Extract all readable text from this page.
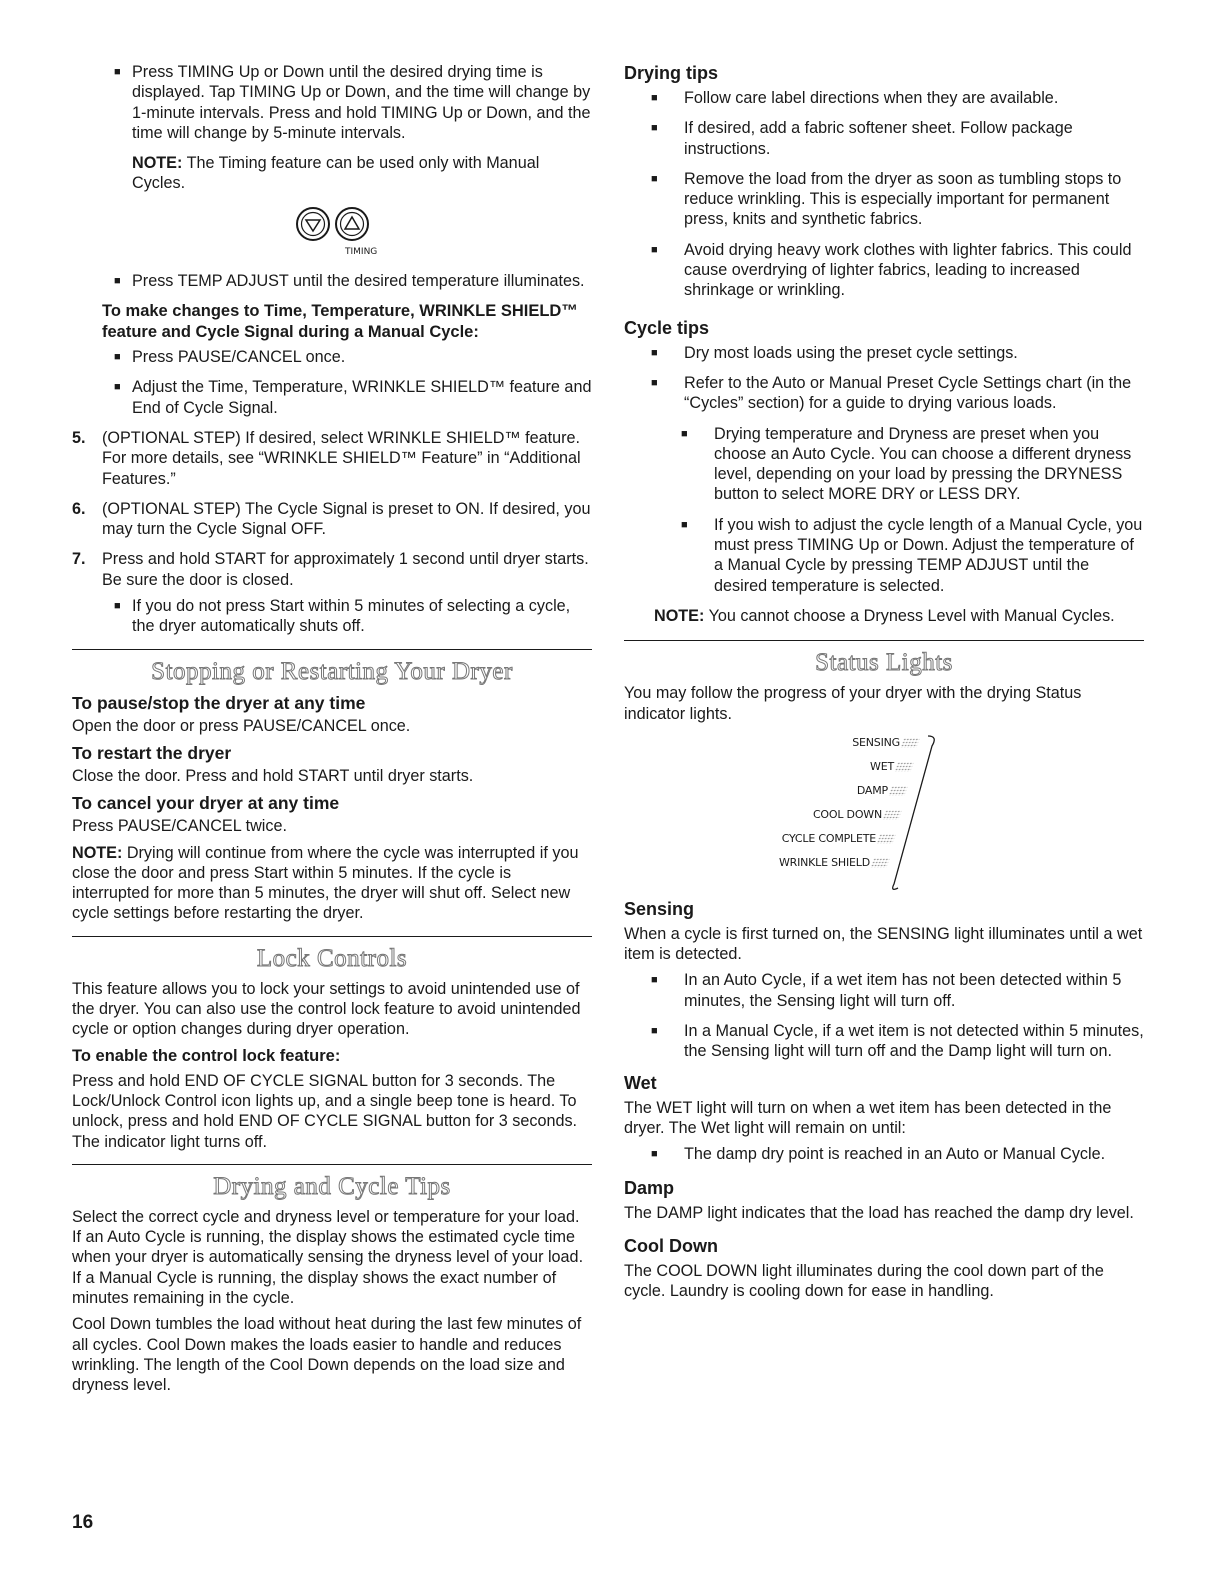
■ Press TIMING Up or Down until the desired drying time is displayed. Tap TIMING Up or Down, and the time will change by 1-minute intervals. Press and hold TIMING Up or Down, and the time will change by 5-minute intervals.

NOTE: The Timing feature can be used only with Manual Cycles.

TIMING
■ Press TEMP ADJUST until the desired temperature illuminates.
To make changes to Time, Temperature, WRINKLE SHIELD™ feature and Cycle Signal during a Manual Cycle:
■ Press PAUSE/CANCEL once.
■ Adjust the Time, Temperature, WRINKLE SHIELD™ feature and End of Cycle Signal.
5. (OPTIONAL STEP) If desired, select WRINKLE SHIELD™ feature. For more details, see “WRINKLE SHIELD™ Feature” in “Additional Features.”
6. (OPTIONAL STEP) The Cycle Signal is preset to ON. If desired, you may turn the Cycle Signal OFF.
7. Press and hold START for approximately 1 second until dryer starts. Be sure the door is closed.
■ If you do not press Start within 5 minutes of selecting a cycle, the dryer automatically shuts off.
Stopping or Restarting Your Dryer
To pause/stop the dryer at any time

Open the door or press PAUSE/CANCEL once.

To restart the dryer

Close the door. Press and hold START until dryer starts.

To cancel your dryer at any time

Press PAUSE/CANCEL twice.

NOTE: Drying will continue from where the cycle was interrupted if you close the door and press Start within 5 minutes. If the cycle is interrupted for more than 5 minutes, the dryer will shut off. Select new cycle settings before restarting the dryer.

Lock Controls

This feature allows you to lock your settings to avoid unintended use of the dryer. You can also use the control lock feature to avoid unintended cycle or option changes during dryer operation.

To enable the control lock feature:

Press and hold END OF CYCLE SIGNAL button for 3 seconds. The Lock/Unlock Control icon lights up, and a single beep tone is heard. To unlock, press and hold END OF CYCLE SIGNAL button for 3 seconds. The indicator light turns off.

Drying and Cycle Tips

Select the correct cycle and dryness level or temperature for your load. If an Auto Cycle is running, the display shows the estimated cycle time when your dryer is automatically sensing the dryness level of your load. If a Manual Cycle is running, the display shows the exact number of minutes remaining in the cycle.

Cool Down tumbles the load without heat during the last few minutes of all cycles. Cool Down makes the loads easier to handle and reduces wrinkling. The length of the Cool Down depends on the load size and dryness level.

Drying tips
■ Follow care label directions when they are available.
■ If desired, add a fabric softener sheet. Follow package instructions.
■ Remove the load from the dryer as soon as tumbling stops to reduce wrinkling. This is especially important for permanent press, knits and synthetic fabrics.
■ Avoid drying heavy work clothes with lighter fabrics. This could cause overdrying of lighter fabrics, leading to increased shrinkage or wrinkling.
Cycle tips
■ Dry most loads using the preset cycle settings.
■ Refer to the Auto or Manual Preset Cycle Settings chart (in the “Cycles” section) for a guide to drying various loads.
■ Drying temperature and Dryness are preset when you choose an Auto Cycle. You can choose a different dryness level, depending on your load by pressing the DRYNESS button to select MORE DRY or LESS DRY.
■ If you wish to adjust the cycle length of a Manual Cycle, you must press TIMING Up or Down. Adjust the temperature of a Manual Cycle by pressing TEMP ADJUST until the desired temperature is selected.

NOTE: You cannot choose a Dryness Level with Manual Cycles.

Status Lights

You may follow the progress of your dryer with the drying Status indicator lights.

SENSING
WET
DAMP
COOL DOWN
CYCLE COMPLETE
WRINKLE SHIELD
Sensing

When a cycle is first turned on, the SENSING light illuminates until a wet item is detected.

■ In an Auto Cycle, if a wet item has not been detected within 5 minutes, the Sensing light will turn off.
■ In a Manual Cycle, if a wet item is not detected within 5 minutes, the Sensing light will turn off and the Damp light will turn on.
Wet

The WET light will turn on when a wet item has been detected in the dryer. The Wet light will remain on until:

■ The damp dry point is reached in an Auto or Manual Cycle.
Damp

The DAMP light indicates that the load has reached the damp dry level.

Cool Down

The COOL DOWN light illuminates during the cool down part of the cycle. Laundry is cooling down for ease in handling.

16
